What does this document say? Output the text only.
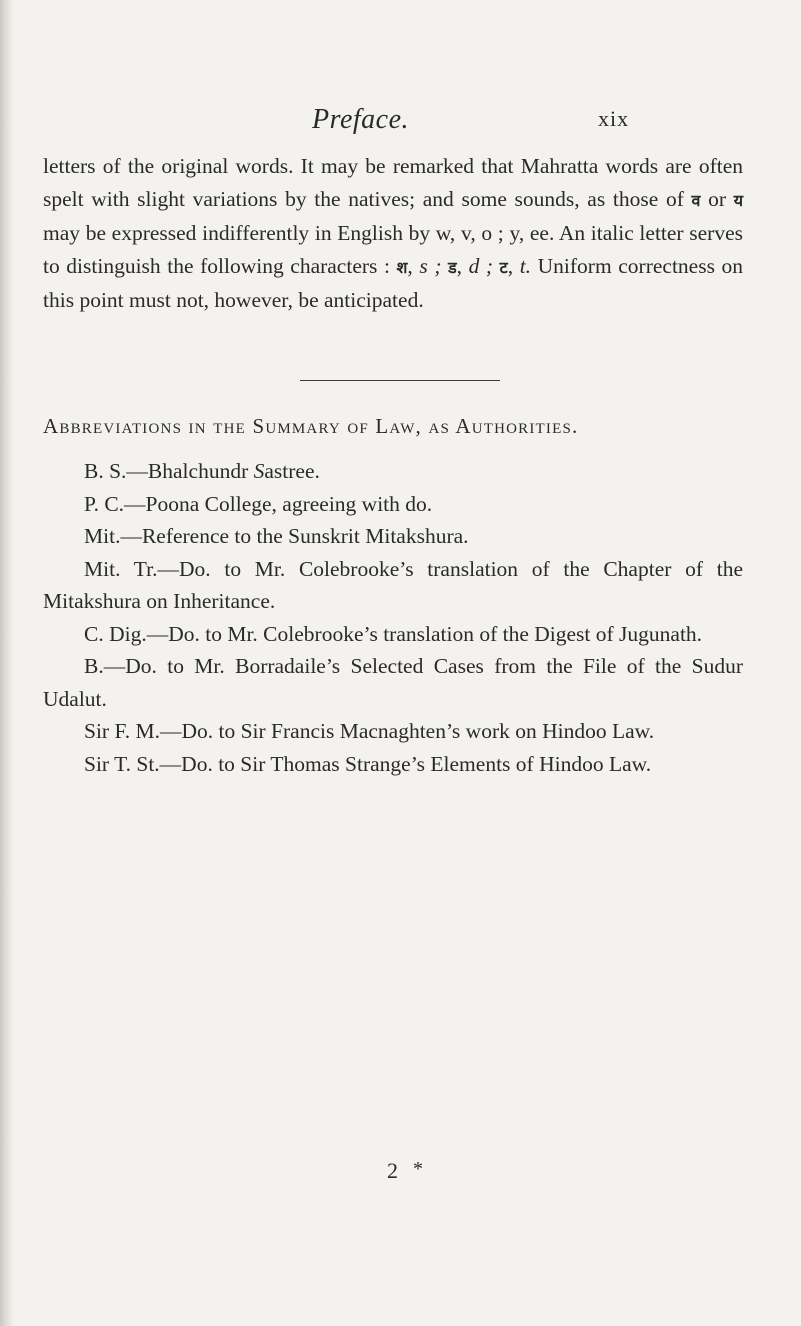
Preface.	xix

letters of the original words. It may be remarked that Mahratta words are often spelt with slight variations by the natives; and some sounds, as those of व or य may be expressed indifferently in English by w, v, o ; y, ee. An italic letter serves to distinguish the following characters : श, s ; ड, d ; ट, t. Uniform correctness on this point must not, however, be anticipated.

Abbreviations in the Summary of Law, as Authorities.

B. S.—Bhalchundr Sastree.

P. C.—Poona College, agreeing with do.

Mit.—Reference to the Sunskrit Mitakshura.

Mit. Tr.—Do. to Mr. Colebrooke’s translation of the Chapter of the Mitakshura on Inheritance.

C. Dig.—Do. to Mr. Colebrooke’s translation of the Digest of Jugunath.

B.—Do. to Mr. Borradaile’s Selected Cases from the File of the Sudur Udalut.

Sir F. M.—Do. to Sir Francis Macnaghten’s work on Hindoo Law.

Sir T. St.—Do. to Sir Thomas Strange’s Elements of Hindoo Law.

2 *
